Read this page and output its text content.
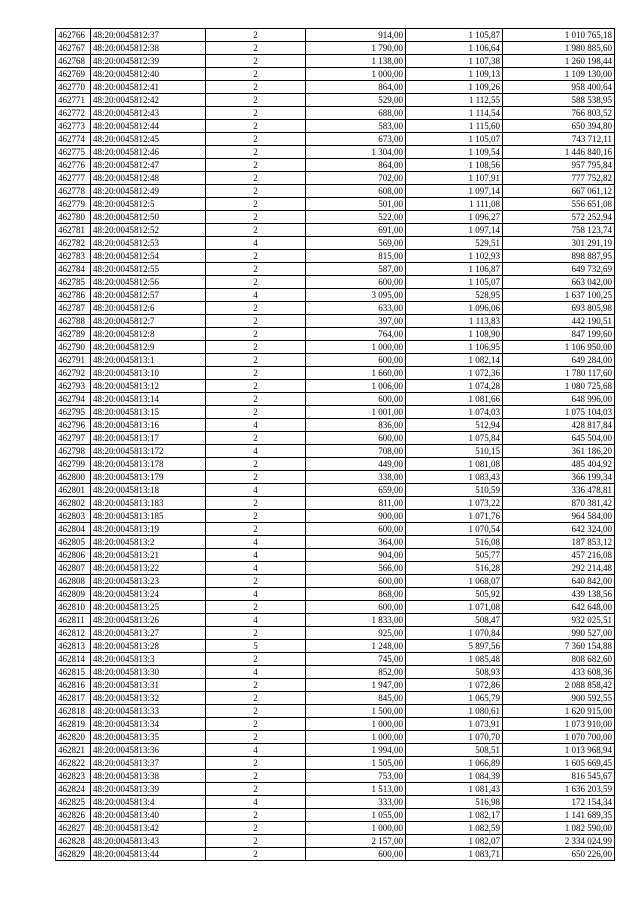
462766	48:20:0045812:37	2	914,00	1 105,87	1 010 765,18
462767	48:20:0045812:38	2	1 790,00	1 106,64	1 980 885,60
462768	48:20:0045812:39	2	1 138,00	1 107,38	1 260 198,44
462769	48:20:0045812:40	2	1 000,00	1 109,13	1 109 130,00
462770	48:20:0045812:41	2	864,00	1 109,26	958 400,64
462771	48:20:0045812:42	2	529,00	1 112,55	588 538,95
462772	48:20:0045812:43	2	688,00	1 114,54	766 803,52
462773	48:20:0045812:44	2	583,00	1 115,60	650 394,80
462774	48:20:0045812:45	2	673,00	1 105,07	743 712,11
462775	48:20:0045812:46	2	1 304,00	1 109,54	1 446 840,16
462776	48:20:0045812:47	2	864,00	1 108,56	957 795,84
462777	48:20:0045812:48	2	702,00	1 107,91	777 752,82
462778	48:20:0045812:49	2	608,00	1 097,14	667 061,12
462779	48:20:0045812:5	2	501,00	1 111,08	556 651,08
462780	48:20:0045812:50	2	522,00	1 096,27	572 252,94
462781	48:20:0045812:52	2	691,00	1 097,14	758 123,74
462782	48:20:0045812:53	4	569,00	529,51	301 291,19
462783	48:20:0045812:54	2	815,00	1 102,93	898 887,95
462784	48:20:0045812:55	2	587,00	1 106,87	649 732,69
462785	48:20:0045812:56	2	600,00	1 105,07	663 042,00
462786	48:20:0045812:57	4	3 095,00	528,95	1 637 100,25
462787	48:20:0045812:6	2	633,00	1 096,06	693 805,98
462788	48:20:0045812:7	2	397,00	1 113,83	442 190,51
462789	48:20:0045812:8	2	764,00	1 108,90	847 199,60
462790	48:20:0045812:9	2	1 000,00	1 106,95	1 106 950,00
462791	48:20:0045813:1	2	600,00	1 082,14	649 284,00
462792	48:20:0045813:10	2	1 660,00	1 072,36	1 780 117,60
462793	48:20:0045813:12	2	1 006,00	1 074,28	1 080 725,68
462794	48:20:0045813:14	2	600,00	1 081,66	648 996,00
462795	48:20:0045813:15	2	1 001,00	1 074,03	1 075 104,03
462796	48:20:0045813:16	4	836,00	512,94	428 817,84
462797	48:20:0045813:17	2	600,00	1 075,84	645 504,00
462798	48:20:0045813:172	4	708,00	510,15	361 186,20
462799	48:20:0045813:178	2	449,00	1 081,08	485 404,92
462800	48:20:0045813:179	2	338,00	1 083,43	366 199,34
462801	48:20:0045813:18	4	659,00	510,59	336 478,81
462802	48:20:0045813:183	2	811,00	1 073,22	870 381,42
462803	48:20:0045813:185	2	900,00	1 071,76	964 584,00
462804	48:20:0045813:19	2	600,00	1 070,54	642 324,00
462805	48:20:0045813:2	4	364,00	516,08	187 853,12
462806	48:20:0045813:21	4	904,00	505,77	457 216,08
462807	48:20:0045813:22	4	566,00	516,28	292 214,48
462808	48:20:0045813:23	2	600,00	1 068,07	640 842,00
462809	48:20:0045813:24	4	868,00	505,92	439 138,56
462810	48:20:0045813:25	2	600,00	1 071,08	642 648,00
462811	48:20:0045813:26	4	1 833,00	508,47	932 025,51
462812	48:20:0045813:27	2	925,00	1 070,84	990 527,00
462813	48:20:0045813:28	5	1 248,00	5 897,56	7 360 154,88
462814	48:20:0045813:3	2	745,00	1 085,48	808 682,60
462815	48:20:0045813:30	4	852,00	508,93	433 608,36
462816	48:20:0045813:31	2	1 947,00	1 072,86	2 088 858,42
462817	48:20:0045813:32	2	845,00	1 065,79	900 592,55
462818	48:20:0045813:33	2	1 500,00	1 080,61	1 620 915,00
462819	48:20:0045813:34	2	1 000,00	1 073,91	1 073 910,00
462820	48:20:0045813:35	2	1 000,00	1 070,70	1 070 700,00
462821	48:20:0045813:36	4	1 994,00	508,51	1 013 968,94
462822	48:20:0045813:37	2	1 505,00	1 066,89	1 605 669,45
462823	48:20:0045813:38	2	753,00	1 084,39	816 545,67
462824	48:20:0045813:39	2	1 513,00	1 081,43	1 636 203,59
462825	48:20:0045813:4	4	333,00	516,98	172 154,34
462826	48:20:0045813:40	2	1 055,00	1 082,17	1 141 689,35
462827	48:20:0045813:42	2	1 000,00	1 082,59	1 082 590,00
462828	48:20:0045813:43	2	2 157,00	1 082,07	2 334 024,99
462829	48:20:0045813:44	2	600,00	1 083,71	650 226,00
